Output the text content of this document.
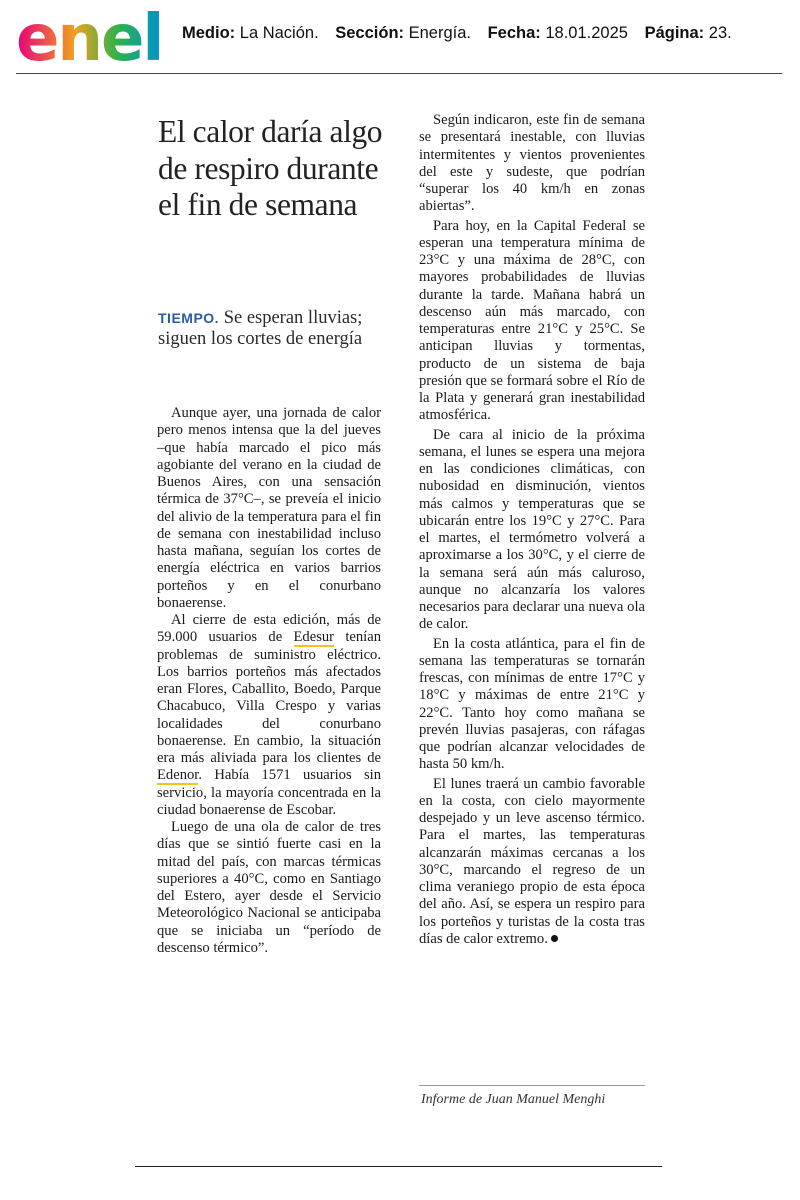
enel Medio: La Nación. Sección: Energía. Fecha: 18.01.2025 Página: 23.
El calor daría algo de respiro durante el fin de semana
TIEMPO. Se esperan lluvias; siguen los cortes de energía

Aunque ayer, una jornada de calor pero menos intensa que la del jueves –que había marcado el pico más agobiante del verano en la ciudad de Buenos Aires, con una sensación térmica de 37°C–, se preveía el inicio del alivio de la temperatura para el fin de semana con inestabilidad incluso hasta mañana, seguían los cortes de energía eléctrica en varios barrios porteños y en el conurbano bonaerense.

Al cierre de esta edición, más de 59.000 usuarios de Edesur tenían problemas de suministro eléctrico. Los barrios porteños más afectados eran Flores, Caballito, Boedo, Parque Chacabuco, Villa Crespo y varias localidades del conurbano bonaerense. En cambio, la situación era más aliviada para los clientes de Edenor. Había 1571 usuarios sin servicio, la mayoría concentrada en la ciudad bonaerense de Escobar.

Luego de una ola de calor de tres días que se sintió fuerte casi en la mitad del país, con marcas térmicas superiores a 40°C, como en Santiago del Estero, ayer desde el Servicio Meteorológico Nacional se anticipaba que se iniciaba un “período de descenso térmico”.

Según indicaron, este fin de semana se presentará inestable, con lluvias intermitentes y vientos provenientes del este y sudeste, que podrían “superar los 40 km/h en zonas abiertas”.

Para hoy, en la Capital Federal se esperan una temperatura mínima de 23°C y una máxima de 28°C, con mayores probabilidades de lluvias durante la tarde. Mañana habrá un descenso aún más marcado, con temperaturas entre 21°C y 25°C. Se anticipan lluvias y tormentas, producto de un sistema de baja presión que se formará sobre el Río de la Plata y generará gran inestabilidad atmosférica.

De cara al inicio de la próxima semana, el lunes se espera una mejora en las condiciones climáticas, con nubosidad en disminución, vientos más calmos y temperaturas que se ubicarán entre los 19°C y 27°C. Para el martes, el termómetro volverá a aproximarse a los 30°C, y el cierre de la semana será aún más caluroso, aunque no alcanzaría los valores necesarios para declarar una nueva ola de calor.

En la costa atlántica, para el fin de semana las temperaturas se tornarán frescas, con mínimas de entre 17°C y 18°C y máximas de entre 21°C y 22°C. Tanto hoy como mañana se prevén lluvias pasajeras, con ráfagas que podrían alcanzar velocidades de hasta 50 km/h.

El lunes traerá un cambio favorable en la costa, con cielo mayormente despejado y un leve ascenso térmico. Para el martes, las temperaturas alcanzarán máximas cercanas a los 30°C, marcando el regreso de un clima veraniego propio de esta época del año. Así, se espera un respiro para los porteños y turistas de la costa tras días de calor extremo.

Informe de Juan Manuel Menghi
